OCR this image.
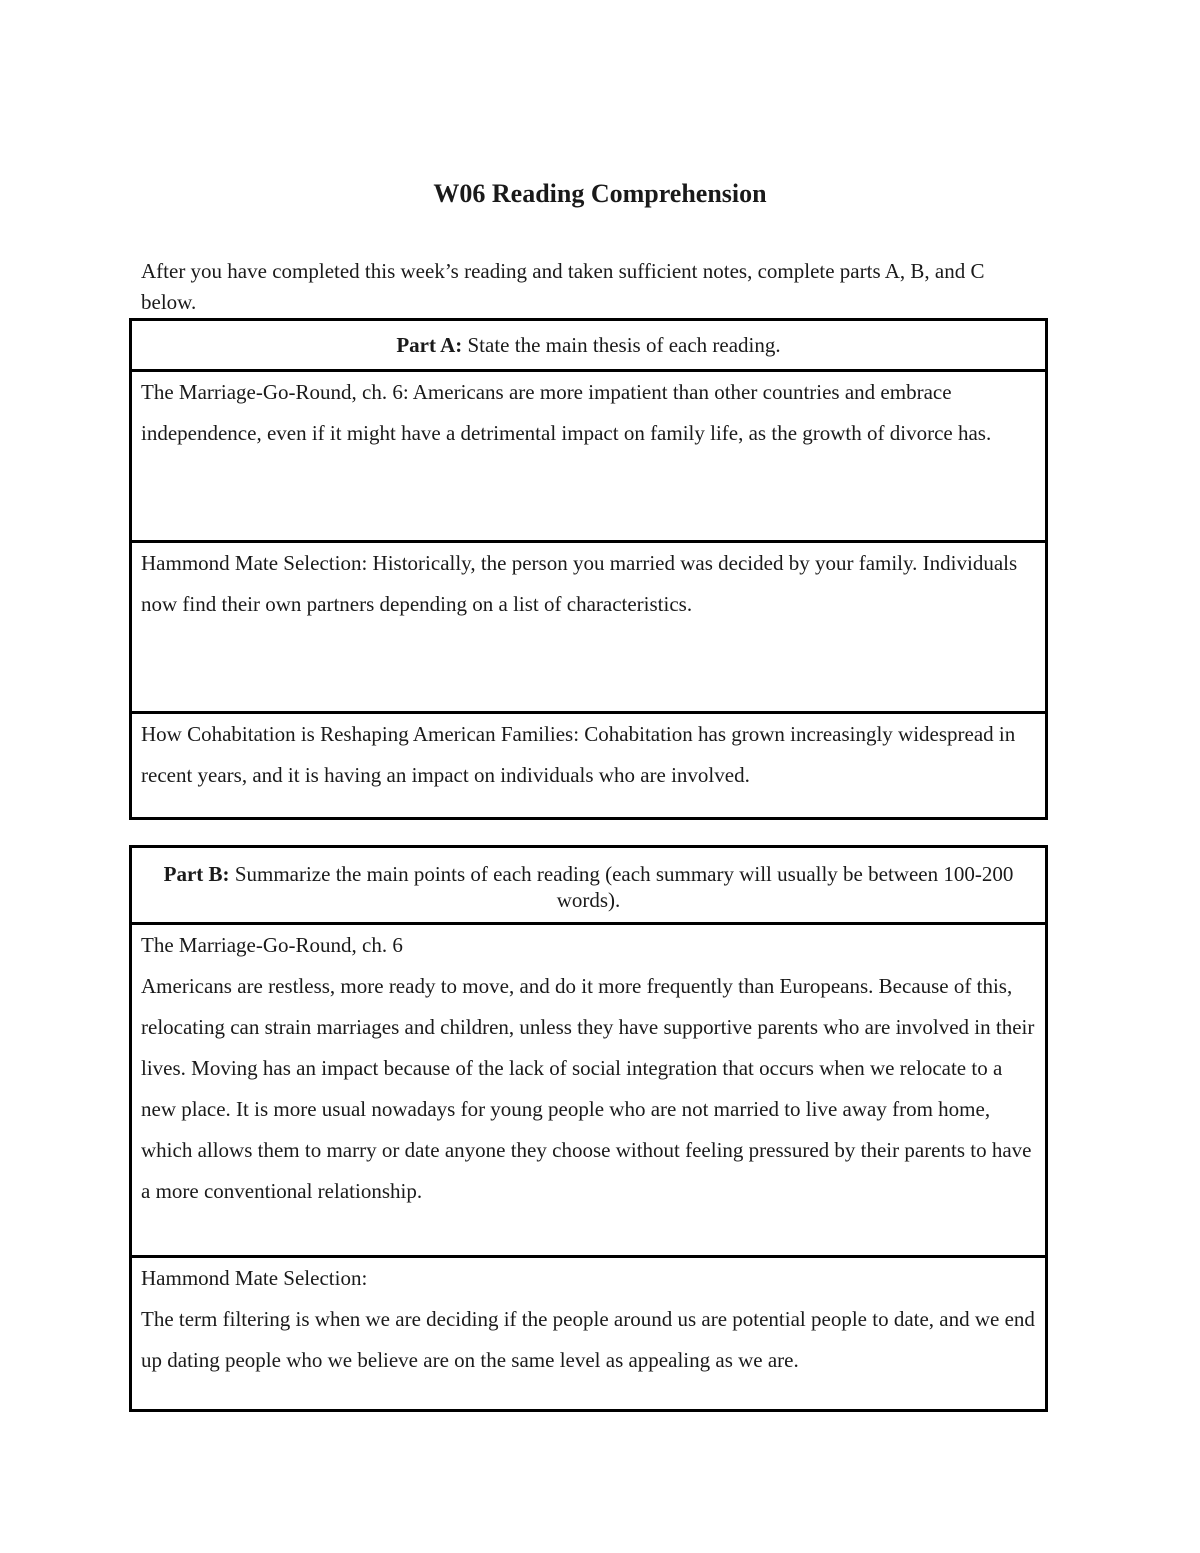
W06 Reading Comprehension
After you have completed this week’s reading and taken sufficient notes, complete parts A, B, and C below.
Part A: State the main thesis of each reading.
The Marriage-Go-Round, ch. 6: Americans are more impatient than other countries and embrace independence, even if it might have a detrimental impact on family life, as the growth of divorce has.
Hammond Mate Selection: Historically, the person you married was decided by your family. Individuals now find their own partners depending on a list of characteristics.
How Cohabitation is Reshaping American Families: Cohabitation has grown increasingly widespread in recent years, and it is having an impact on individuals who are involved.
Part B: Summarize the main points of each reading (each summary will usually be between 100-200 words).

The Marriage-Go-Round, ch. 6
Americans are restless, more ready to move, and do it more frequently than Europeans. Because of this, relocating can strain marriages and children, unless they have supportive parents who are involved in their lives. Moving has an impact because of the lack of social integration that occurs when we relocate to a new place. It is more usual nowadays for young people who are not married to live away from home, which allows them to marry or date anyone they choose without feeling pressured by their parents to have a more conventional relationship.

Hammond Mate Selection:
The term filtering is when we are deciding if the people around us are potential people to date, and we end up dating people who we believe are on the same level as appealing as we are.
